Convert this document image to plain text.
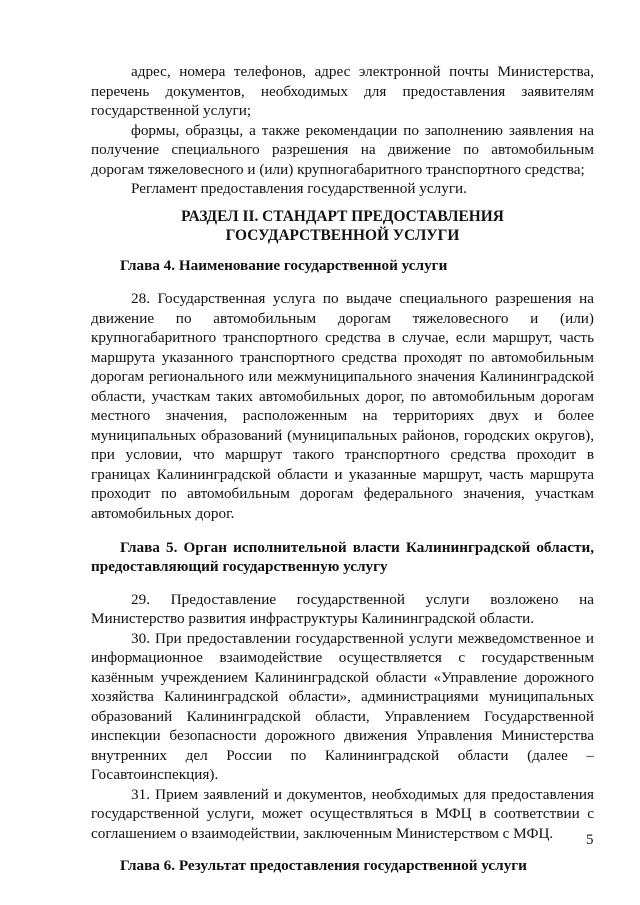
адрес, номера телефонов, адрес электронной почты Министерства,
перечень документов, необходимых для предоставления заявителям
государственной услуги;
формы, образцы, а также рекомендации по заполнению заявления на
получение специального разрешения на движение по автомобильным
дорогам тяжеловесного и (или) крупногабаритного транспортного средства;
Регламент предоставления государственной услуги.
РАЗДЕЛ II. СТАНДАРТ ПРЕДОСТАВЛЕНИЯ
ГОСУДАРСТВЕННОЙ УСЛУГИ
Глава 4. Наименование государственной услуги
28. Государственная услуга по выдаче специального разрешения на
движение по автомобильным дорогам тяжеловесного и (или)
крупногабаритного транспортного средства в случае, если маршрут, часть
маршрута указанного транспортного средства проходят по автомобильным
дорогам регионального или межмуниципального значения Калининградской
области, участкам таких автомобильных дорог, по автомобильным дорогам
местного значения, расположенным на территориях двух и более
муниципальных образований (муниципальных районов, городских округов),
при условии, что маршрут такого транспортного средства проходит в
границах Калининградской области и указанные маршрут, часть маршрута
проходит по автомобильным дорогам федерального значения, участкам
автомобильных дорог.
Глава 5. Орган исполнительной власти Калининградской области,
предоставляющий государственную услугу
29. Предоставление государственной услуги возложено на
Министерство развития инфраструктуры Калининградской области.
30. При предоставлении государственной услуги межведомственное и
информационное взаимодействие осуществляется с государственным
казённым учреждением Калининградской области «Управление дорожного
хозяйства Калининградской области», администрациями муниципальных
образований Калининградской области, Управлением Государственной
инспекции безопасности дорожного движения Управления Министерства
внутренних дел России по Калининградской области (далее –
Госавтоинспекция).
31. Прием заявлений и документов, необходимых для предоставления
государственной услуги, может осуществляться в МФЦ в соответствии с
соглашением о взаимодействии, заключенным Министерством с МФЦ.
Глава 6. Результат предоставления государственной услуги
5
